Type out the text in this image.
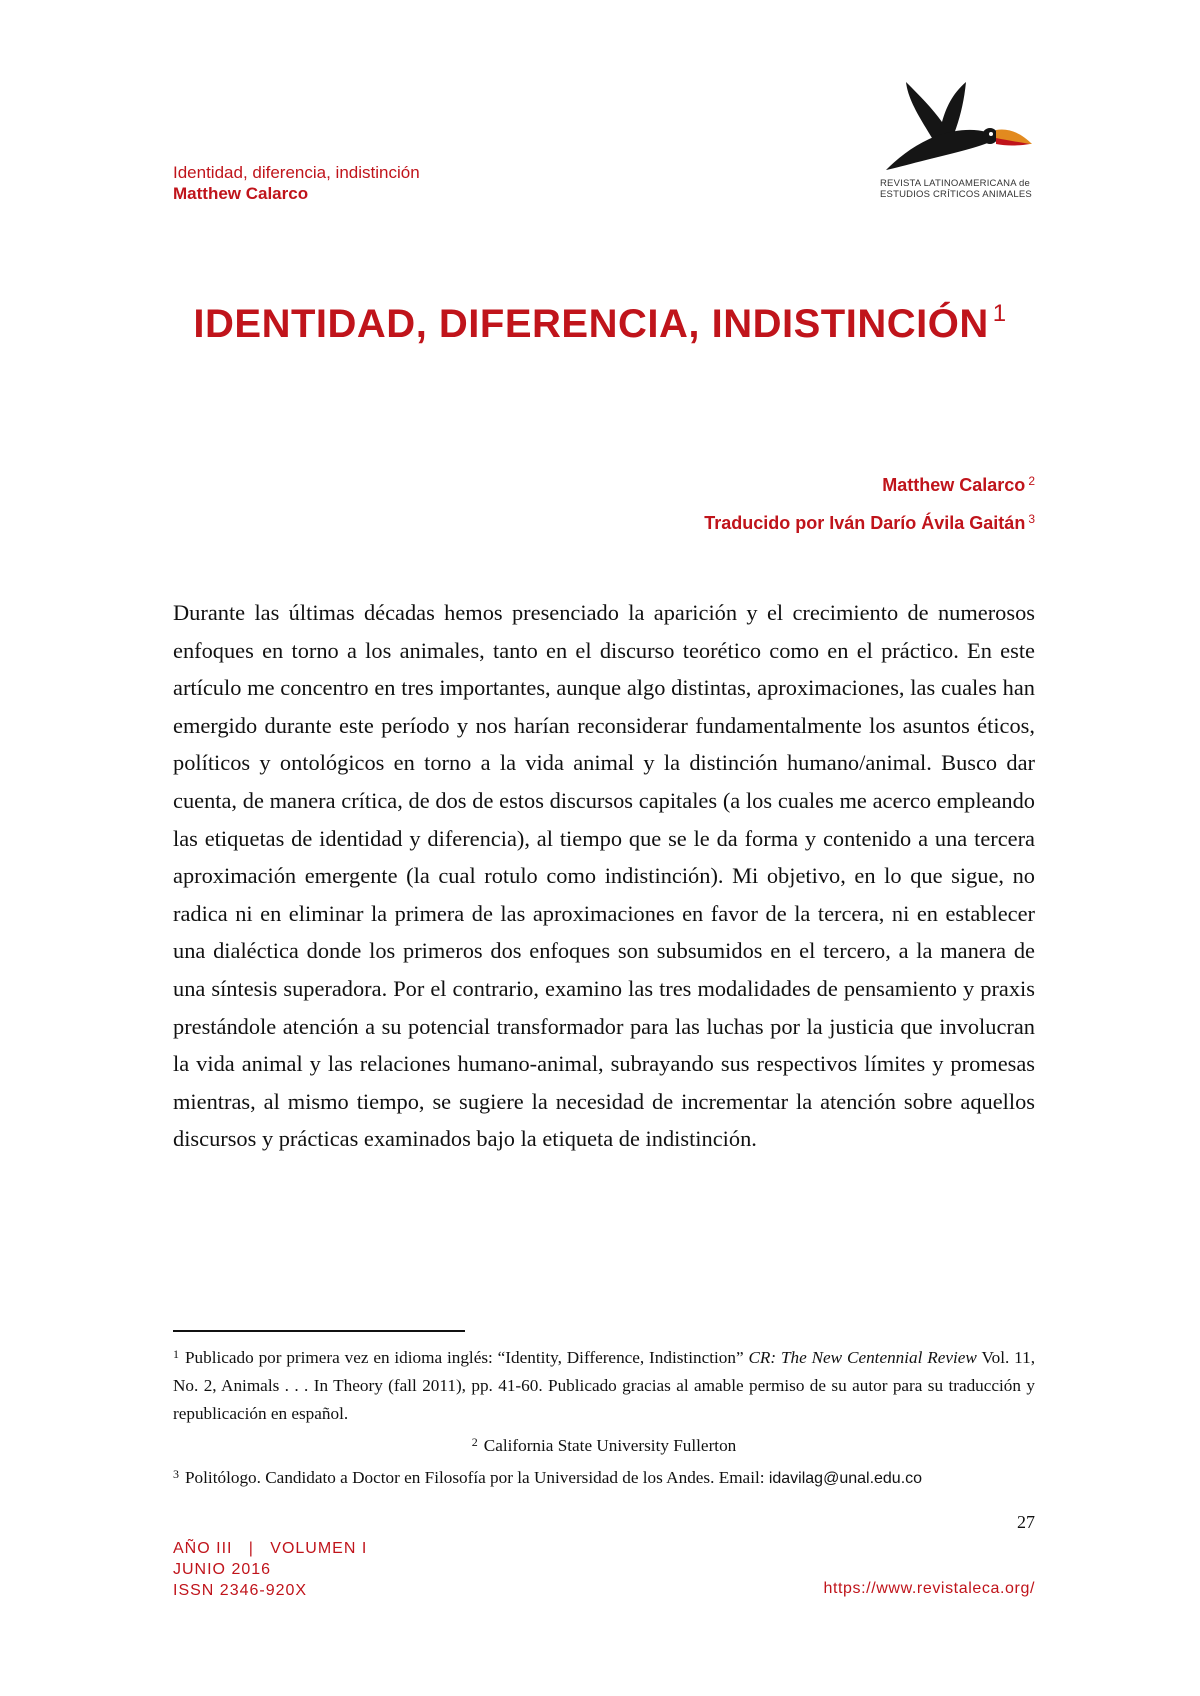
Identidad, diferencia, indistinción
Matthew Calarco
REVISTA LATINOAMERICANA de
ESTUDIOS CRÍTICOS ANIMALES
IDENTIDAD, DIFERENCIA, INDISTINCIÓN $^1$
Matthew Calarco $^2$
Traducido por Iván Darío Ávila Gaitán $^3$

Durante las últimas décadas hemos presenciado la aparición y el crecimiento de numerosos enfoques en torno a los animales, tanto en el discurso teorético como en el práctico. En este artículo me concentro en tres importantes, aunque algo distintas, aproximaciones, las cuales han emergido durante este período y nos harían reconsiderar fundamentalmente los asuntos éticos, políticos y ontológicos en torno a la vida animal y la distinción humano/animal. Busco dar cuenta, de manera crítica, de dos de estos discursos capitales (a los cuales me acerco empleando las etiquetas de identidad y diferencia), al tiempo que se le da forma y contenido a una tercera aproximación emergente (la cual rotulo como indistinción). Mi objetivo, en lo que sigue, no radica ni en eliminar la primera de las aproximaciones en favor de la tercera, ni en establecer una dialéctica donde los primeros dos enfoques son subsumidos en el tercero, a la manera de una síntesis superadora. Por el contrario, examino las tres modalidades de pensamiento y praxis prestándole atención a su potencial transformador para las luchas por la justicia que involucran la vida animal y las relaciones humano-animal, subrayando sus respectivos límites y promesas mientras, al mismo tiempo, se sugiere la necesidad de incrementar la atención sobre aquellos discursos y prácticas examinados bajo la etiqueta de indistinción.

$^1$ Publicado por primera vez en idioma inglés: “Identity, Difference, Indistinction” CR: The New Centennial Review Vol. 11, No. 2, Animals . . . In Theory (fall 2011), pp. 41-60. Publicado gracias al amable permiso de su autor para su traducción y republicación en español.

$^2$ California State University Fullerton

$^3$ Politólogo. Candidato a Doctor en Filosofía por la Universidad de los Andes. Email: idavilag@unal.edu.co

27
AÑO III   |   VOLUMEN I
JUNIO 2016
ISSN 2346-920X	https://www.revistaleca.org/
